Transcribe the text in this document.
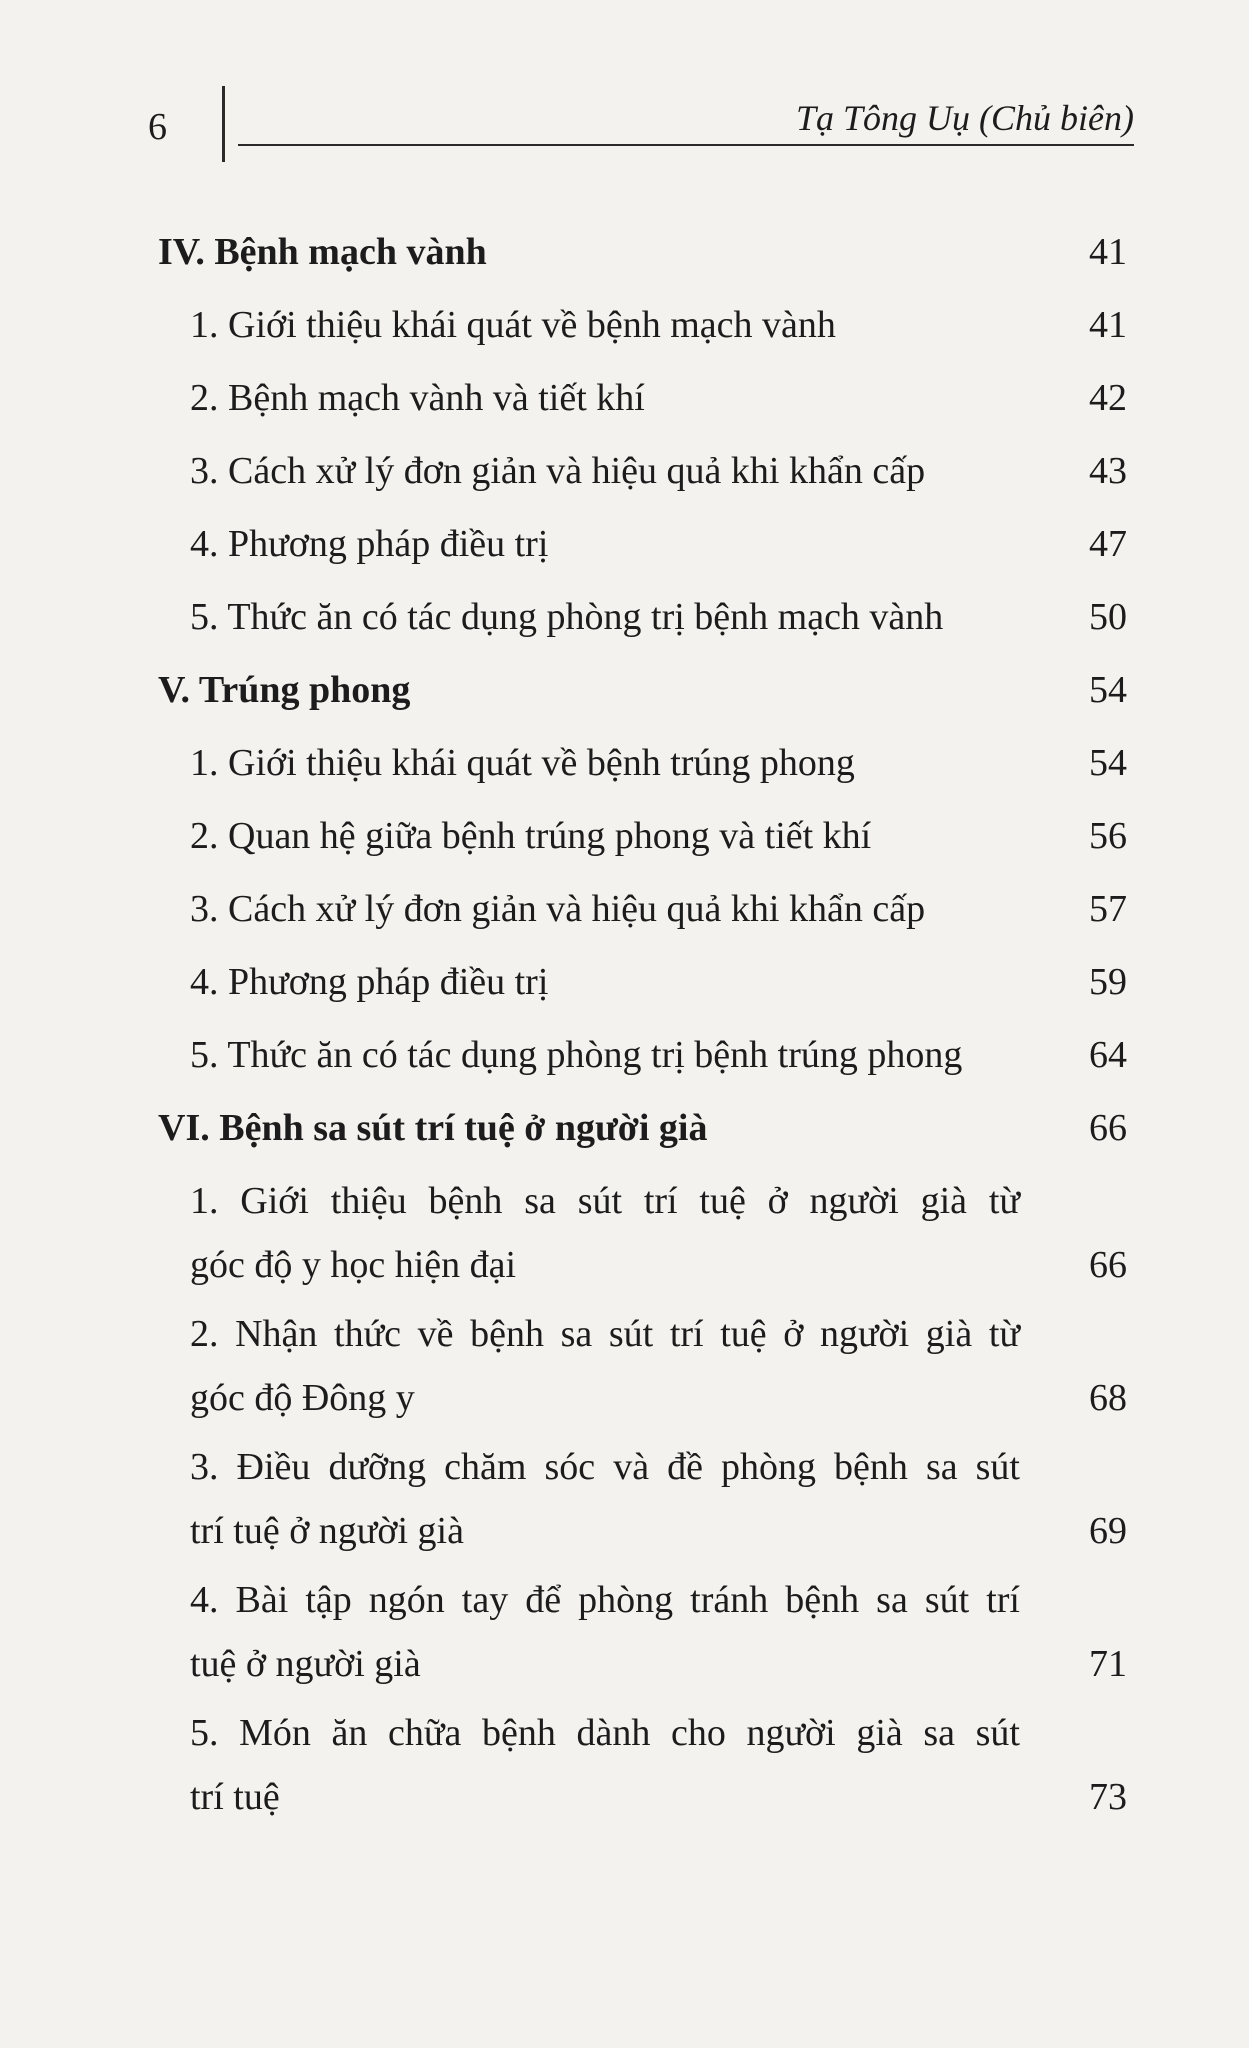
6	Tạ Tông Uụ (Chủ biên)
IV. Bệnh mạch vành	41
1. Giới thiệu khái quát về bệnh mạch vành	41
2. Bệnh mạch vành và tiết khí	42
3. Cách xử lý đơn giản và hiệu quả khi khẩn cấp	43
4. Phương pháp điều trị	47
5. Thức ăn có tác dụng phòng trị bệnh mạch vành	50
V. Trúng phong	54
1. Giới thiệu khái quát về bệnh trúng phong	54
2. Quan hệ giữa bệnh trúng phong và tiết khí	56
3. Cách xử lý đơn giản và hiệu quả khi khẩn cấp	57
4. Phương pháp điều trị	59
5. Thức ăn có tác dụng phòng trị bệnh trúng phong	64
VI. Bệnh sa sút trí tuệ ở người già	66
1. Giới thiệu bệnh sa sút trí tuệ ở người già từ
góc độ y học hiện đại	66
2. Nhận thức về bệnh sa sút trí tuệ ở người già từ
góc độ Đông y	68
3. Điều dưỡng chăm sóc và đề phòng bệnh sa sút
trí tuệ ở người già	69
4. Bài tập ngón tay để phòng tránh bệnh sa sút trí
tuệ ở người già	71
5. Món ăn chữa bệnh dành cho người già sa sút
trí tuệ	73
